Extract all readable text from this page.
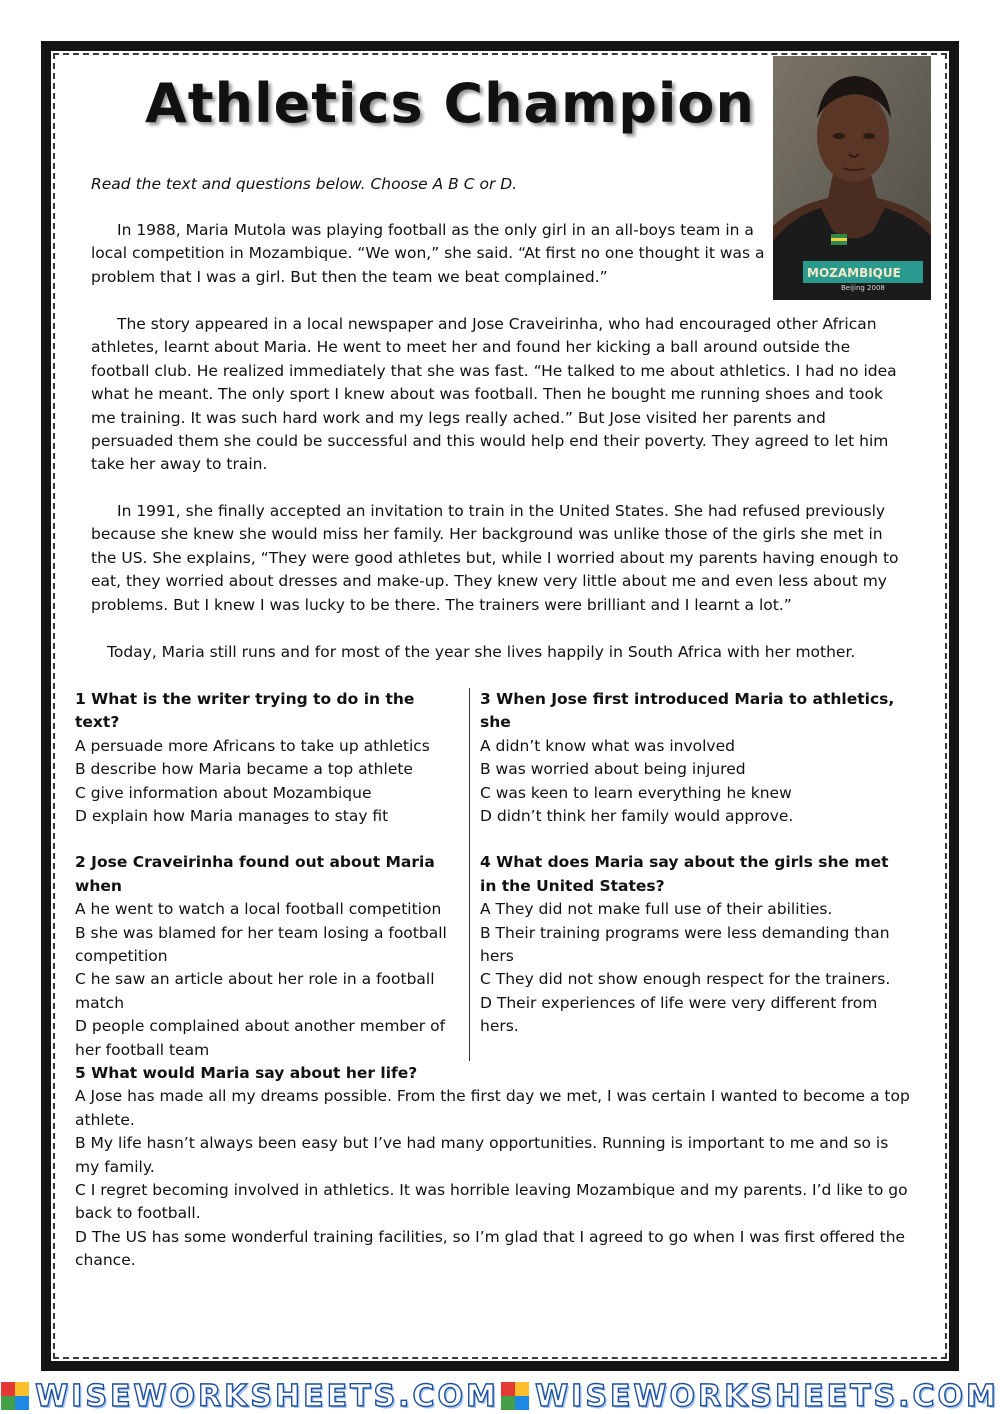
Athletics Champion
MOZAMBIQUE
Beijing 2008

Read the text and questions below. Choose A B C or D.

In 1988, Maria Mutola was playing football as the only girl in an all-boys team in a local competition in Mozambique. “We won,” she said. “At first no one thought it was a problem that I was a girl. But then the team we beat complained.”

The story appeared in a local newspaper and Jose Craveirinha, who had encouraged other African athletes, learnt about Maria. He went to meet her and found her kicking a ball around outside the football club. He realized immediately that she was fast. “He talked to me about athletics. I had no idea what he meant. The only sport I knew about was football. Then he bought me running shoes and took me training. It was such hard work and my legs really ached.” But Jose visited her parents and persuaded them she could be successful and this would help end their poverty. They agreed to let him take her away to train.

In 1991, she finally accepted an invitation to train in the United States. She had refused previously because she knew she would miss her family. Her background was unlike those of the girls she met in the US. She explains, “They were good athletes but, while I worried about my parents having enough to eat, they worried about dresses and make-up. They knew very little about me and even less about my problems. But I knew I was lucky to be there. The trainers were brilliant and I learnt a lot.”

Today, Maria still runs and for most of the year she lives happily in South Africa with her mother.

1 What is the writer trying to do in the text?

A persuade more Africans to take up athletics

B describe how Maria became a top athlete

C give information about Mozambique

D explain how Maria manages to stay fit

2 Jose Craveirinha found out about Maria when

A he went to watch a local football competition

B she was blamed for her team losing a football competition

C he saw an article about her role in a football match

D people complained about another member of her football team

3 When Jose first introduced Maria to athletics, she

A didn’t know what was involved

B was worried about being injured

C was keen to learn everything he knew

D didn’t think her family would approve.

4 What does Maria say about the girls she met in the United States?

A They did not make full use of their abilities.

B Their training programs were less demanding than hers

C They did not show enough respect for the trainers.

D Their experiences of life were very different from hers.

5 What would Maria say about her life?

A Jose has made all my dreams possible. From the first day we met, I was certain I wanted to become a top athlete.

B My life hasn’t always been easy but I’ve had many opportunities. Running is important to me and so is my family.

C I regret becoming involved in athletics. It was horrible leaving Mozambique and my parents. I’d like to go back to football.

D The US has some wonderful training facilities, so I’m glad that I agreed to go when I was first offered the chance.

WISEWORKSHEETS.COM WISEWORKSHEETS.COM
